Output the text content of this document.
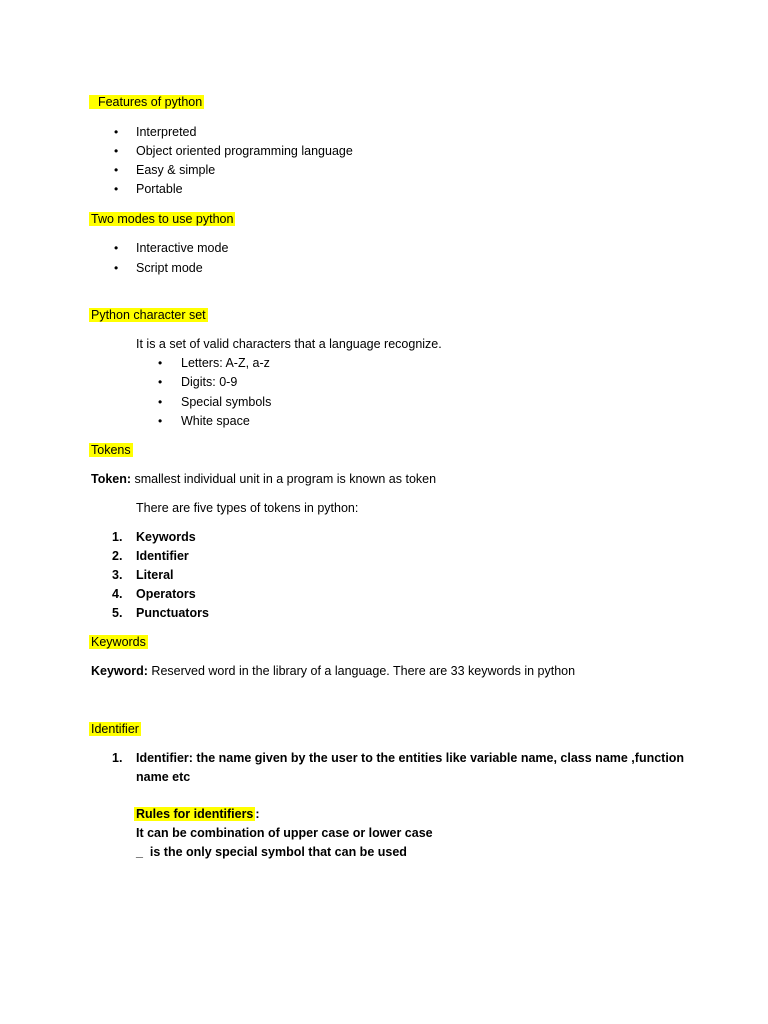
Features of python
• Interpreted
• Object oriented programming language
• Easy & simple
• Portable
Two modes to use python
• Interactive mode
• Script mode
Python character set
It is a set of valid characters that a language recognize.
• Letters: A-Z, a-z
• Digits: 0-9
• Special symbols
• White space
Tokens
Token: smallest individual unit in a program is known as token
There are five types of tokens in python:
1. Keywords
2. Identifier
3. Literal
4. Operators
5. Punctuators
Keywords
Keyword: Reserved word in the library of a language. There are 33 keywords in python
Identifier
1. Identifier: the name given by the user to the entities like variable name, class name ,function name etc
Rules for identifiers :
It can be combination of upper case or lower case
_  is the only special symbol that can be used
